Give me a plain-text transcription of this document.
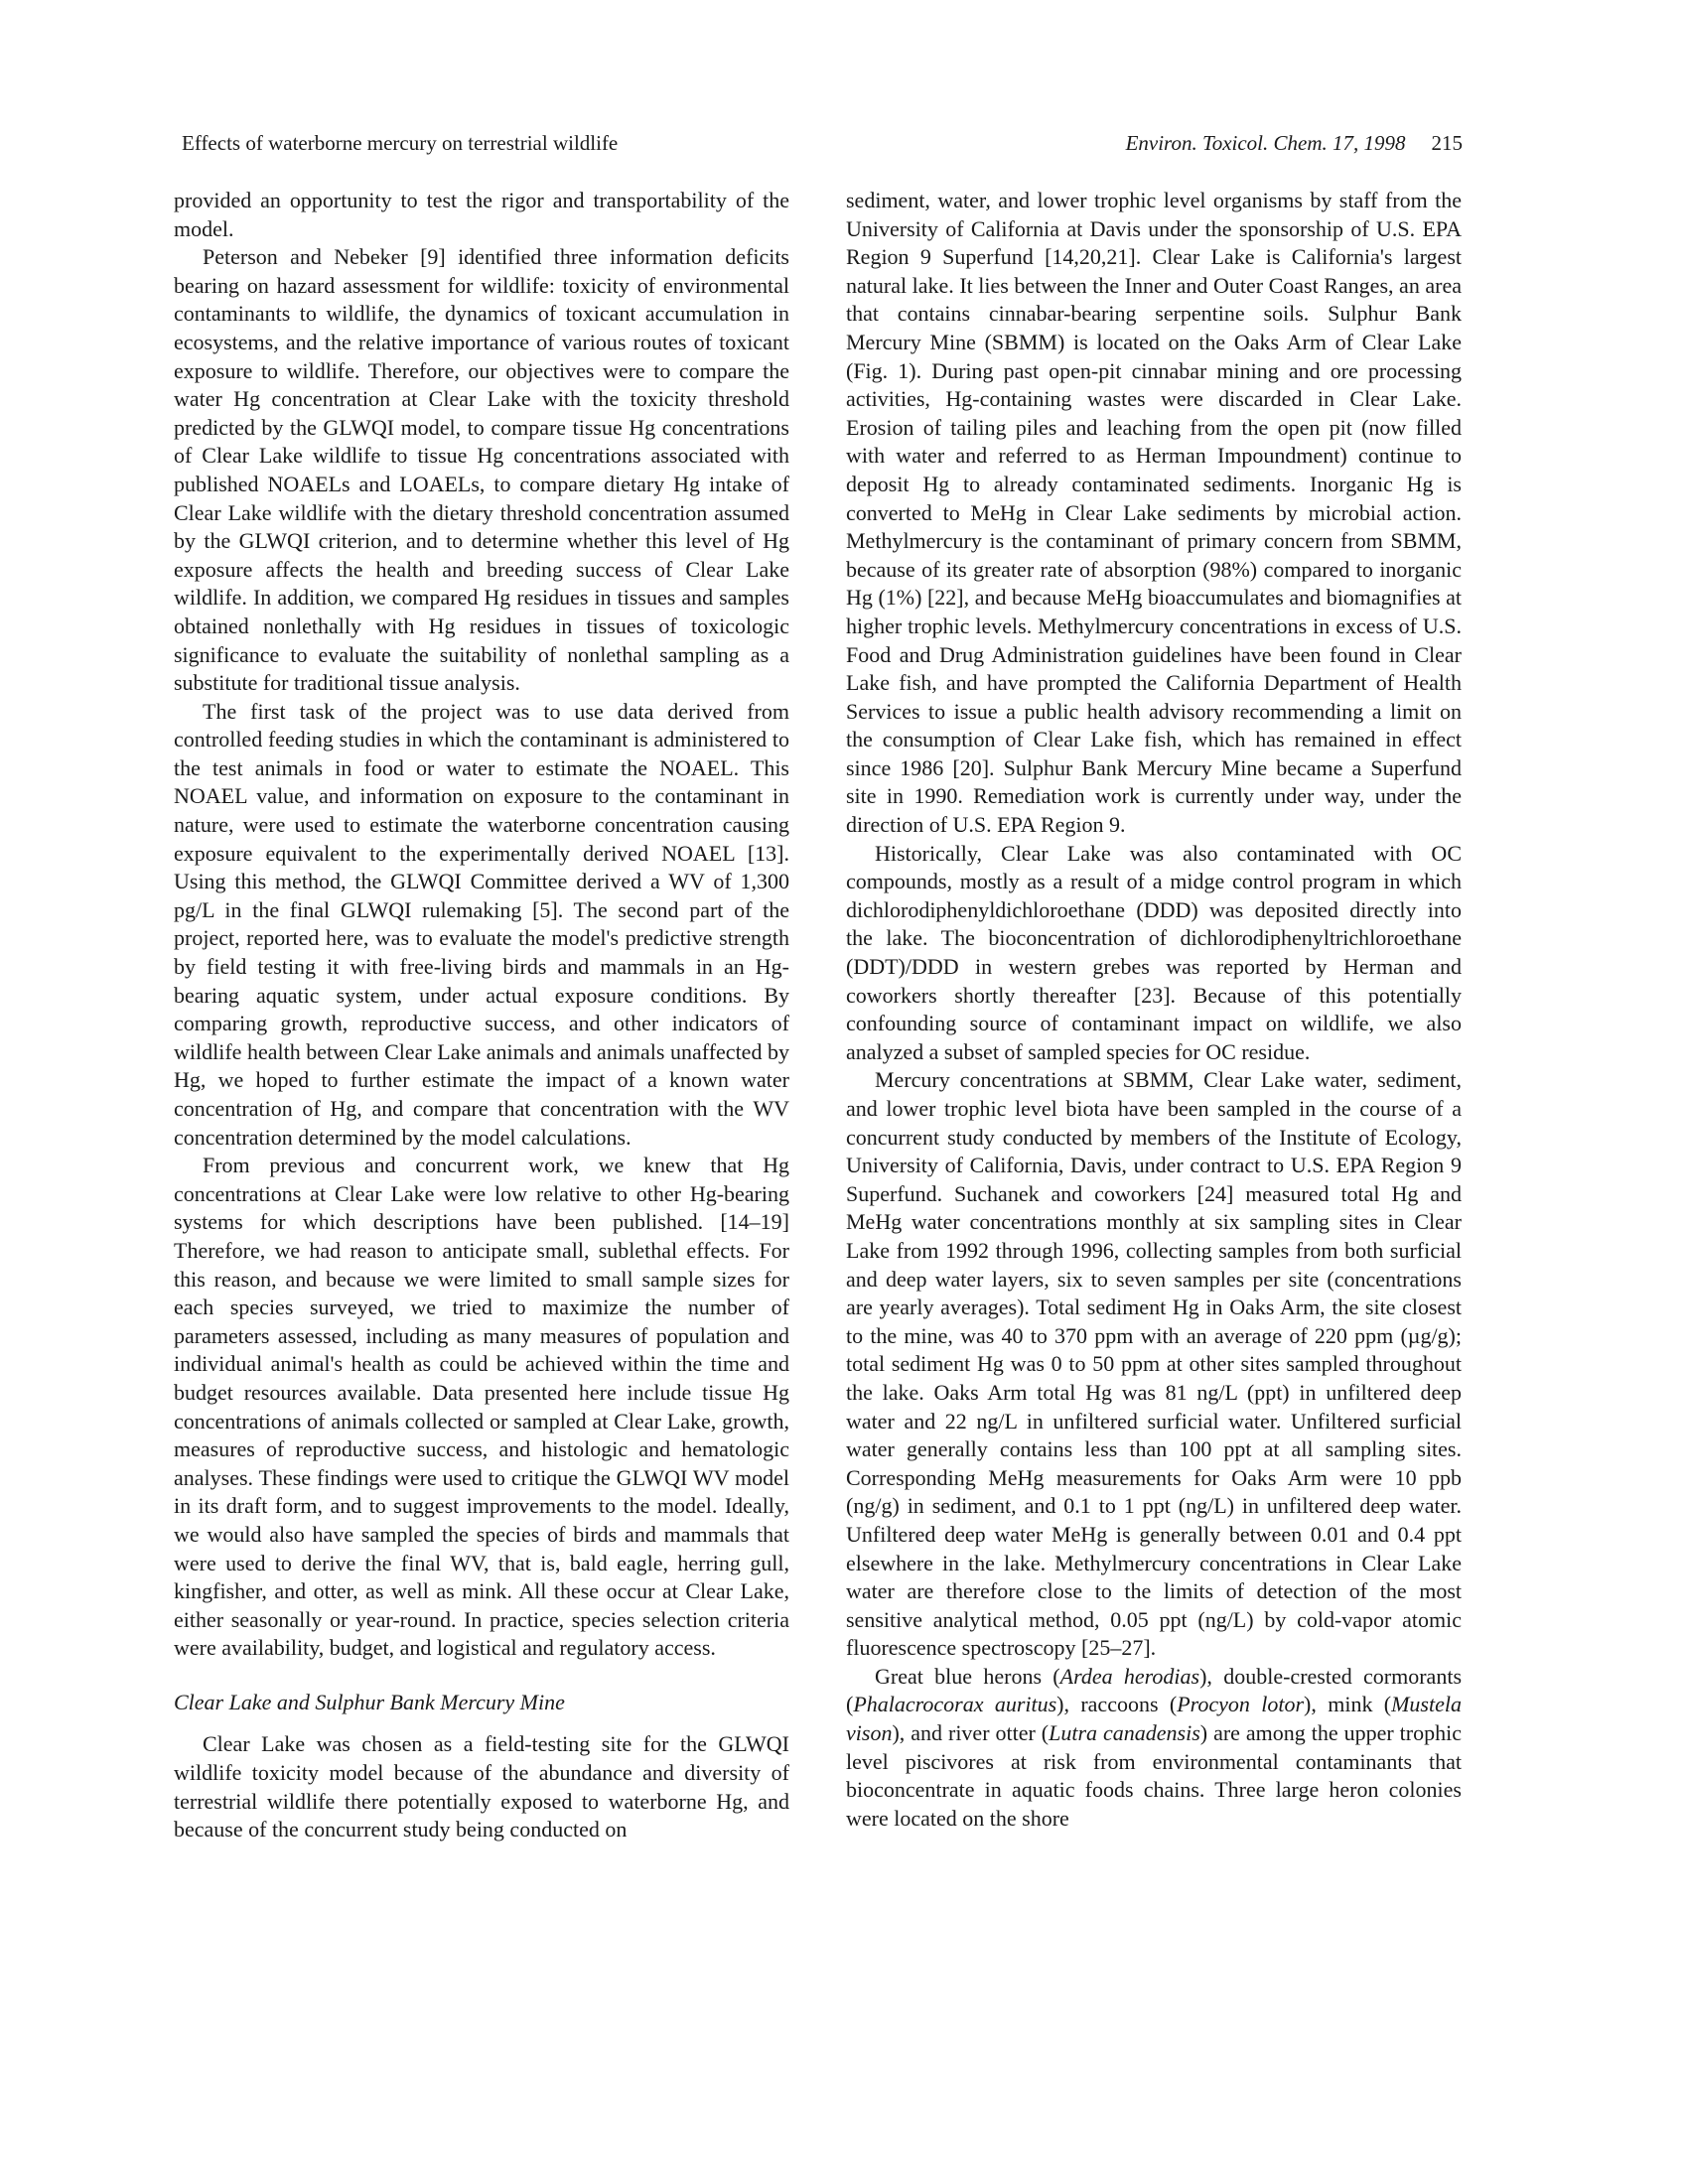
Effects of waterborne mercury on terrestrial wildlife	Environ. Toxicol. Chem. 17, 1998 215

provided an opportunity to test the rigor and transportability of the model.

Peterson and Nebeker [9] identified three information deficits bearing on hazard assessment for wildlife: toxicity of environmental contaminants to wildlife, the dynamics of toxicant accumulation in ecosystems, and the relative importance of various routes of toxicant exposure to wildlife. Therefore, our objectives were to compare the water Hg concentration at Clear Lake with the toxicity threshold predicted by the GLWQI model, to compare tissue Hg concentrations of Clear Lake wildlife to tissue Hg concentrations associated with published NOAELs and LOAELs, to compare dietary Hg intake of Clear Lake wildlife with the dietary threshold concentration assumed by the GLWQI criterion, and to determine whether this level of Hg exposure affects the health and breeding success of Clear Lake wildlife. In addition, we compared Hg residues in tissues and samples obtained nonlethally with Hg residues in tissues of toxicologic significance to evaluate the suitability of nonlethal sampling as a substitute for traditional tissue analysis.

The first task of the project was to use data derived from controlled feeding studies in which the contaminant is administered to the test animals in food or water to estimate the NOAEL. This NOAEL value, and information on exposure to the contaminant in nature, were used to estimate the waterborne concentration causing exposure equivalent to the experimentally derived NOAEL [13]. Using this method, the GLWQI Committee derived a WV of 1,300 pg/L in the final GLWQI rulemaking [5]. The second part of the project, reported here, was to evaluate the model's predictive strength by field testing it with free-living birds and mammals in an Hg-bearing aquatic system, under actual exposure conditions. By comparing growth, reproductive success, and other indicators of wildlife health between Clear Lake animals and animals unaffected by Hg, we hoped to further estimate the impact of a known water concentration of Hg, and compare that concentration with the WV concentration determined by the model calculations.

From previous and concurrent work, we knew that Hg concentrations at Clear Lake were low relative to other Hg-bearing systems for which descriptions have been published. [14–19] Therefore, we had reason to anticipate small, sublethal effects. For this reason, and because we were limited to small sample sizes for each species surveyed, we tried to maximize the number of parameters assessed, including as many measures of population and individual animal's health as could be achieved within the time and budget resources available. Data presented here include tissue Hg concentrations of animals collected or sampled at Clear Lake, growth, measures of reproductive success, and histologic and hematologic analyses. These findings were used to critique the GLWQI WV model in its draft form, and to suggest improvements to the model. Ideally, we would also have sampled the species of birds and mammals that were used to derive the final WV, that is, bald eagle, herring gull, kingfisher, and otter, as well as mink. All these occur at Clear Lake, either seasonally or year-round. In practice, species selection criteria were availability, budget, and logistical and regulatory access.

Clear Lake and Sulphur Bank Mercury Mine

Clear Lake was chosen as a field-testing site for the GLWQI wildlife toxicity model because of the abundance and diversity of terrestrial wildlife there potentially exposed to waterborne Hg, and because of the concurrent study being conducted on

sediment, water, and lower trophic level organisms by staff from the University of California at Davis under the sponsorship of U.S. EPA Region 9 Superfund [14,20,21]. Clear Lake is California's largest natural lake. It lies between the Inner and Outer Coast Ranges, an area that contains cinnabar-bearing serpentine soils. Sulphur Bank Mercury Mine (SBMM) is located on the Oaks Arm of Clear Lake (Fig. 1). During past open-pit cinnabar mining and ore processing activities, Hg-containing wastes were discarded in Clear Lake. Erosion of tailing piles and leaching from the open pit (now filled with water and referred to as Herman Impoundment) continue to deposit Hg to already contaminated sediments. Inorganic Hg is converted to MeHg in Clear Lake sediments by microbial action. Methylmercury is the contaminant of primary concern from SBMM, because of its greater rate of absorption (98%) compared to inorganic Hg (1%) [22], and because MeHg bioaccumulates and biomagnifies at higher trophic levels. Methylmercury concentrations in excess of U.S. Food and Drug Administration guidelines have been found in Clear Lake fish, and have prompted the California Department of Health Services to issue a public health advisory recommending a limit on the consumption of Clear Lake fish, which has remained in effect since 1986 [20]. Sulphur Bank Mercury Mine became a Superfund site in 1990. Remediation work is currently under way, under the direction of U.S. EPA Region 9.

Historically, Clear Lake was also contaminated with OC compounds, mostly as a result of a midge control program in which dichlorodiphenyldichloroethane (DDD) was deposited directly into the lake. The bioconcentration of dichlorodiphenyltrichloroethane (DDT)/DDD in western grebes was reported by Herman and coworkers shortly thereafter [23]. Because of this potentially confounding source of contaminant impact on wildlife, we also analyzed a subset of sampled species for OC residue.

Mercury concentrations at SBMM, Clear Lake water, sediment, and lower trophic level biota have been sampled in the course of a concurrent study conducted by members of the Institute of Ecology, University of California, Davis, under contract to U.S. EPA Region 9 Superfund. Suchanek and coworkers [24] measured total Hg and MeHg water concentrations monthly at six sampling sites in Clear Lake from 1992 through 1996, collecting samples from both surficial and deep water layers, six to seven samples per site (concentrations are yearly averages). Total sediment Hg in Oaks Arm, the site closest to the mine, was 40 to 370 ppm with an average of 220 ppm (µg/g); total sediment Hg was 0 to 50 ppm at other sites sampled throughout the lake. Oaks Arm total Hg was 81 ng/L (ppt) in unfiltered deep water and 22 ng/L in unfiltered surficial water. Unfiltered surficial water generally contains less than 100 ppt at all sampling sites. Corresponding MeHg measurements for Oaks Arm were 10 ppb (ng/g) in sediment, and 0.1 to 1 ppt (ng/L) in unfiltered deep water. Unfiltered deep water MeHg is generally between 0.01 and 0.4 ppt elsewhere in the lake. Methylmercury concentrations in Clear Lake water are therefore close to the limits of detection of the most sensitive analytical method, 0.05 ppt (ng/L) by cold-vapor atomic fluorescence spectroscopy [25–27].

Great blue herons (Ardea herodias), double-crested cormorants (Phalacrocorax auritus), raccoons (Procyon lotor), mink (Mustela vison), and river otter (Lutra canadensis) are among the upper trophic level piscivores at risk from environmental contaminants that bioconcentrate in aquatic foods chains. Three large heron colonies were located on the shore
